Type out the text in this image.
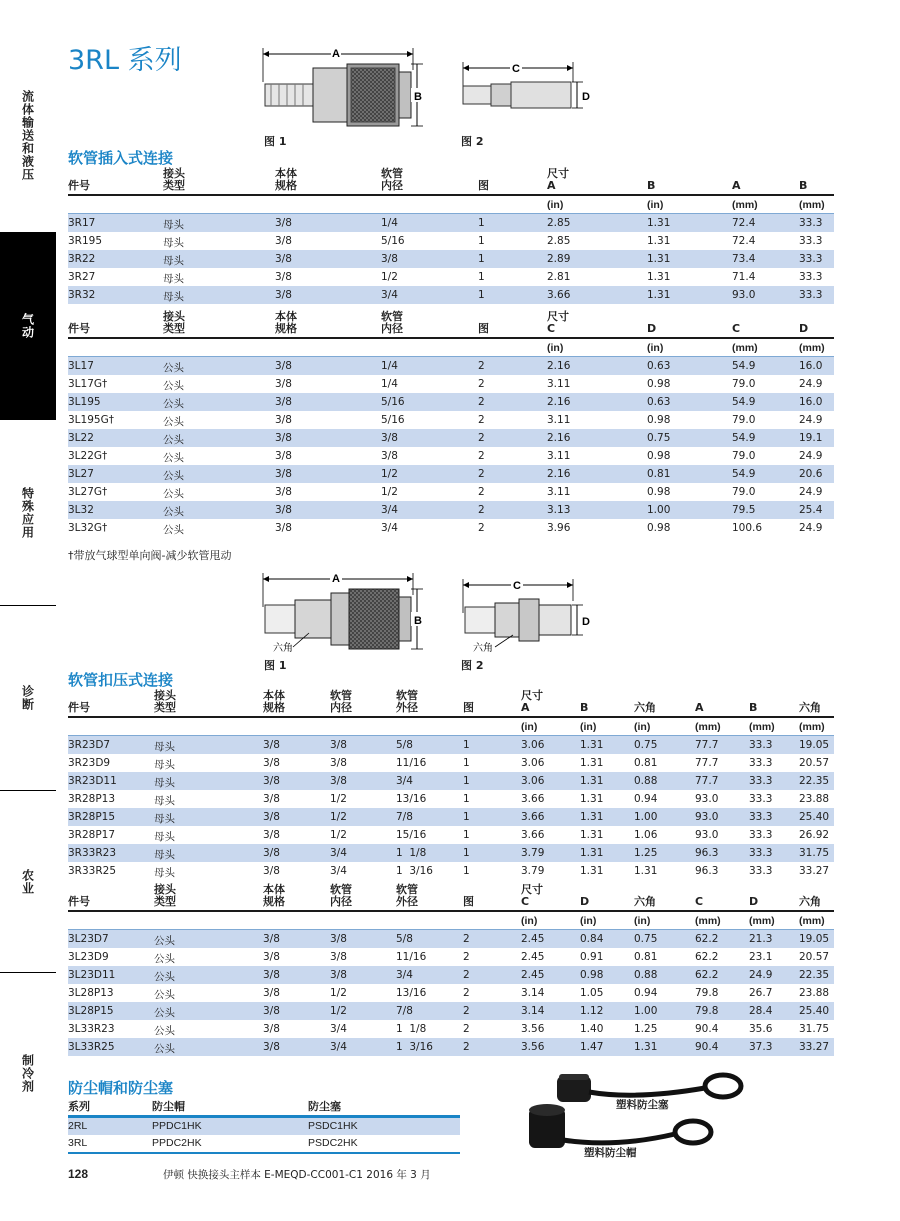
流体输送和液压
气动
特殊应用
诊断
农业
制冷剂
3RL 系列	A
B
图 1
C
D
图 2
软管插入式连接
件号
接头
类型
本体
规格
软管
内径	图
尺寸
A	B	A	B
(in)	(in)	(mm)	(mm)
3R17	母头	3/8	1/4	1	2.85	1.31	72.4	33.3
3R195	母头	3/8	5/16	1	2.85	1.31	72.4	33.3
3R22	母头	3/8	3/8	1	2.89	1.31	73.4	33.3
3R27	母头	3/8	1/2	1	2.81	1.31	71.4	33.3
3R32	母头	3/8	3/4	1	3.66	1.31	93.0	33.3
件号
接头
类型
本体
规格
软管
内径	图
尺寸
C	D	C	D
(in)	(in)	(mm)	(mm)
3L17	公头	3/8	1/4	2	2.16	0.63	54.9	16.0
3L17G†	公头	3/8	1/4	2	3.11	0.98	79.0	24.9
3L195	公头	3/8	5/16	2	2.16	0.63	54.9	16.0
3L195G†	公头	3/8	5/16	2	3.11	0.98	79.0	24.9
3L22	公头	3/8	3/8	2	2.16	0.75	54.9	19.1
3L22G†	公头	3/8	3/8	2	3.11	0.98	79.0	24.9
3L27	公头	3/8	1/2	2	2.16	0.81	54.9	20.6
3L27G†	公头	3/8	1/2	2	3.11	0.98	79.0	24.9
3L32	公头	3/8	3/4	2	3.13	1.00	79.5	25.4
3L32G†	公头	3/8	3/4	2	3.96	0.98	100.6	24.9
†带放气球型单向阀-减少软管甩动
A
B
六角
图 1
C
D
六角
图 2
软管扣压式连接
件号
接头
类型
本体
规格
软管
内径
软管
外径	图
尺寸
A	B	六角	A	B	六角
(in)	(in)	(in)	(mm)	(mm) (mm)
3R23D7	母头	3/8	3/8	5/8	1	3.06	1.31	0.75	77.7	33.3	19.05
3R23D9	母头	3/8	3/8	11/16	1	3.06	1.31	0.81	77.7	33.3	20.57
3R23D11	母头	3/8	3/8	3/4	1	3.06	1.31	0.88	77.7	33.3	22.35
3R28P13	母头	3/8	1/2	13/16	1	3.66	1.31	0.94	93.0	33.3	23.88
3R28P15	母头	3/8	1/2	7/8	1	3.66	1.31	1.00	93.0	33.3	25.40
3R28P17	母头	3/8	1/2	15/16	1	3.66	1.31	1.06	93.0	33.3	26.92
3R33R23	母头	3/8	3/4	1  1/8	1	3.79	1.31	1.25	96.3	33.3	31.75
3R33R25	母头	3/8	3/4	1  3/16	1	3.79	1.31	1.31	96.3	33.3	33.27
件号
接头
类型
本体
规格
软管
内径
软管
外径	图
尺寸
C	D	六角	C	D	六角
(in)	(in)	(in)	(mm)	(mm) (mm)
3L23D7	公头	3/8	3/8	5/8	2	2.45	0.84	0.75	62.2	21.3	19.05
3L23D9	公头	3/8	3/8	11/16	2	2.45	0.91	0.81	62.2	23.1	20.57
3L23D11	公头	3/8	3/8	3/4	2	2.45	0.98	0.88	62.2	24.9	22.35
3L28P13	公头	3/8	1/2	13/16	2	3.14	1.05	0.94	79.8	26.7	23.88
3L28P15	公头	3/8	1/2	7/8	2	3.14	1.12	1.00	79.8	28.4	25.40
3L33R23	公头	3/8	3/4	1  1/8	2	3.56	1.40	1.25	90.4	35.6	31.75
3L33R25	公头	3/8	3/4	1  3/16	2	3.56	1.47	1.31	90.4	37.3	33.27
防尘帽和防尘塞
系列	防尘帽	防尘塞
2RL	PPDC1HK	PSDC1HK
3RL	PPDC2HK	PSDC2HK
塑料防尘塞
塑料防尘帽
128	伊顿 快换接头主样本 E-MEQD-CC001-C1 2016 年 3 月
